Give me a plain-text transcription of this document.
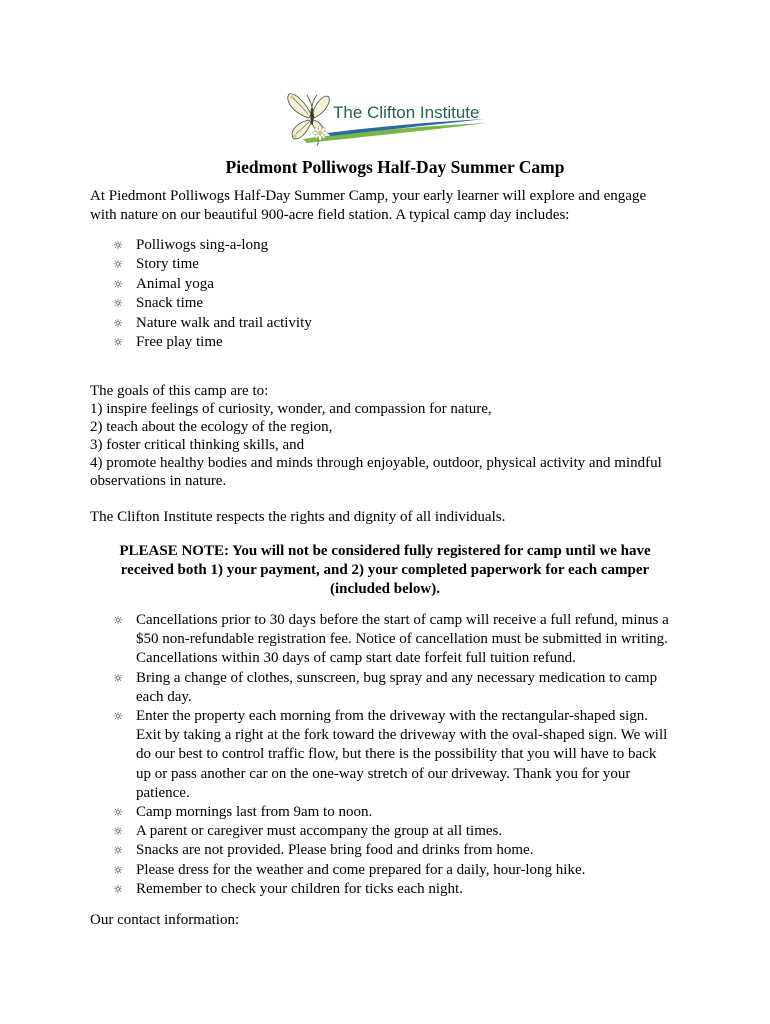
The Clifton Institute
Piedmont Polliwogs Half-Day Summer Camp
At Piedmont Polliwogs Half-Day Summer Camp, your early learner will explore and engage
with nature on our beautiful 900-acre field station. A typical camp day includes:
☼
Polliwogs sing-a-long
☼
Story time
☼
Animal yoga
☼
Snack time
☼
Nature walk and trail activity
☼
Free play time
The goals of this camp are to:
1) inspire feelings of curiosity, wonder, and compassion for nature,
2) teach about the ecology of the region,
3) foster critical thinking skills, and
4) promote healthy bodies and minds through enjoyable, outdoor, physical activity and mindful
observations in nature.
The Clifton Institute respects the rights and dignity of all individuals.
PLEASE NOTE: You will not be considered fully registered for camp until we have
received both 1) your payment, and 2) your completed paperwork for each camper
(included below).
☼
Cancellations prior to 30 days before the start of camp will receive a full refund, minus a
$50 non-refundable registration fee. Notice of cancellation must be submitted in writing.
Cancellations within 30 days of camp start date forfeit full tuition refund.
☼
Bring a change of clothes, sunscreen, bug spray and any necessary medication to camp
each day.
☼
Enter the property each morning from the driveway with the rectangular-shaped sign.
Exit by taking a right at the fork toward the driveway with the oval-shaped sign. We will
do our best to control traffic flow, but there is the possibility that you will have to back
up or pass another car on the one-way stretch of our driveway. Thank you for your
patience.
☼
Camp mornings last from 9am to noon.
☼
A parent or caregiver must accompany the group at all times.
☼
Snacks are not provided. Please bring food and drinks from home.
☼
Please dress for the weather and come prepared for a daily, hour-long hike.
☼
Remember to check your children for ticks each night.
Our contact information:
